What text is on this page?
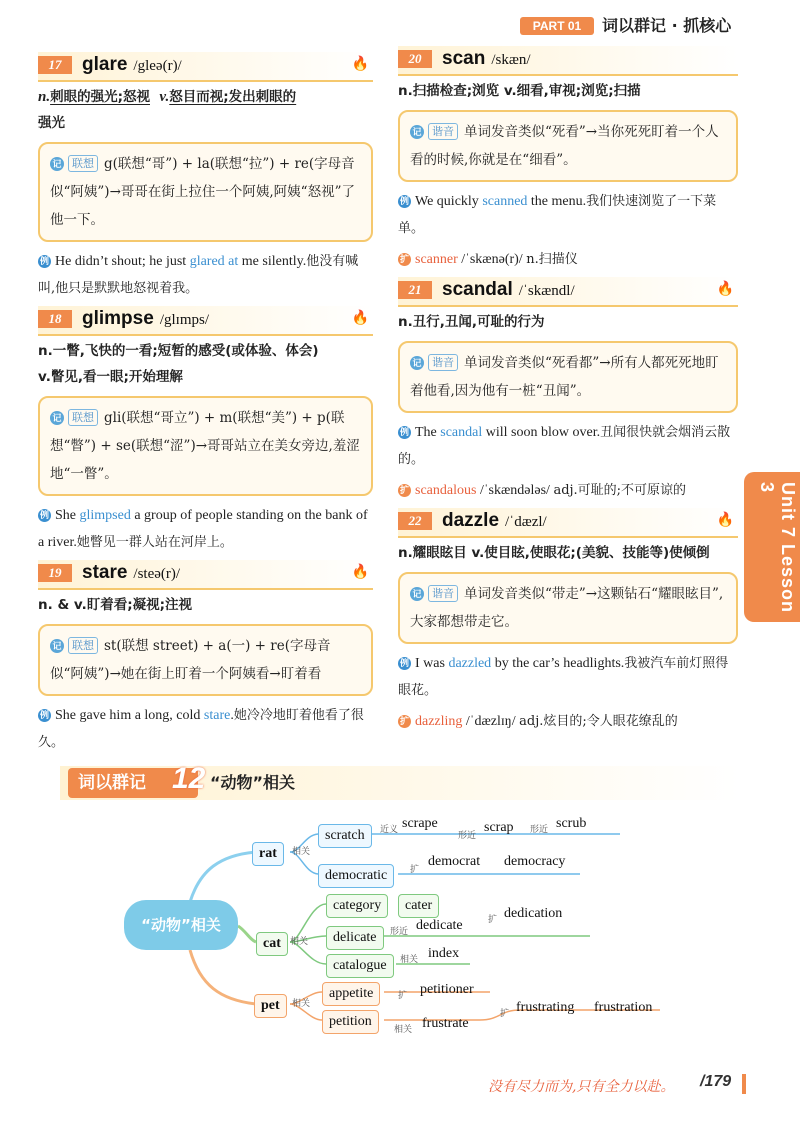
PART 01	词以群记 · 抓核心
17	glare /gleə(r)/	🔥
n.刺眼的强光;怒视 v.怒目而视;发出刺眼的
强光
记 联想 g(联想“哥”) + la(联想“拉”) + re(字母音似“阿姨”)→哥哥在街上拉住一个阿姨,阿姨“怒视”了他一下。
例 He didn’t shout; he just glared at me silently.他没有喊叫,他只是默默地怒视着我。
18	glimpse /glɪmps/	🔥
n.一瞥,飞快的一看;短暂的感受(或体验、体会)
v.瞥见,看一眼;开始理解
记 联想 gli(联想“哥立”) + m(联想“美”) + p(联想“瞥”) + se(联想“涩”)→哥哥站立在美女旁边,羞涩地“一瞥”。
例 She glimpsed a group of people standing on the bank of a river.她瞥见一群人站在河岸上。
19	stare /steə(r)/	🔥
n. & v.盯着看;凝视;注视
记 联想 st(联想 street) + a(一) + re(字母音似“阿姨”)→她在街上盯着一个阿姨看→盯着看
例 She gave him a long, cold stare.她冷冷地盯着他看了很久。
20	scan /skæn/
n.扫描检查;浏览 v.细看,审视;浏览;扫描
记 谐音 单词发音类似“死看”→当你死死盯着一个人看的时候,你就是在“细看”。
例 We quickly scanned the menu.我们快速浏览了一下菜单。
扩 scanner /ˈskænə(r)/ n.扫描仪
21	scandal /ˈskændl/	🔥
n.丑行,丑闻,可耻的行为
记 谐音 单词发音类似“死看都”→所有人都死死地盯着他看,因为他有一桩“丑闻”。
例 The scandal will soon blow over.丑闻很快就会烟消云散的。
扩 scandalous /ˈskændələs/ adj.可耻的;不可原谅的
22	dazzle /ˈdæzl/	🔥
n.耀眼眩目 v.使目眩,使眼花;(美貌、技能等)使倾倒
记 谐音 单词发音类似“带走”→这颗钻石“耀眼眩目”,大家都想带走它。
例 I was dazzled by the car’s headlights.我被汽车前灯照得眼花。
扩 dazzling /ˈdæzlɪŋ/ adj.炫目的;令人眼花缭乱的
Unit 7 Lesson 3
词以群记 12 “动物”相关
“动物”相关
rat	相关
scratch	近义 scrape
形近
scrap 形近 scrub
democratic	扩
democrat democracy
cat	相关
category	cater
delicate	形近 dedicate	扩 dedication
catalogue	相关 index
pet	相关
appetite	扩 petitioner
petition
相关 frustrate
扩 frustrating frustration
没有尽力而为,只有全力以赴。 /179
